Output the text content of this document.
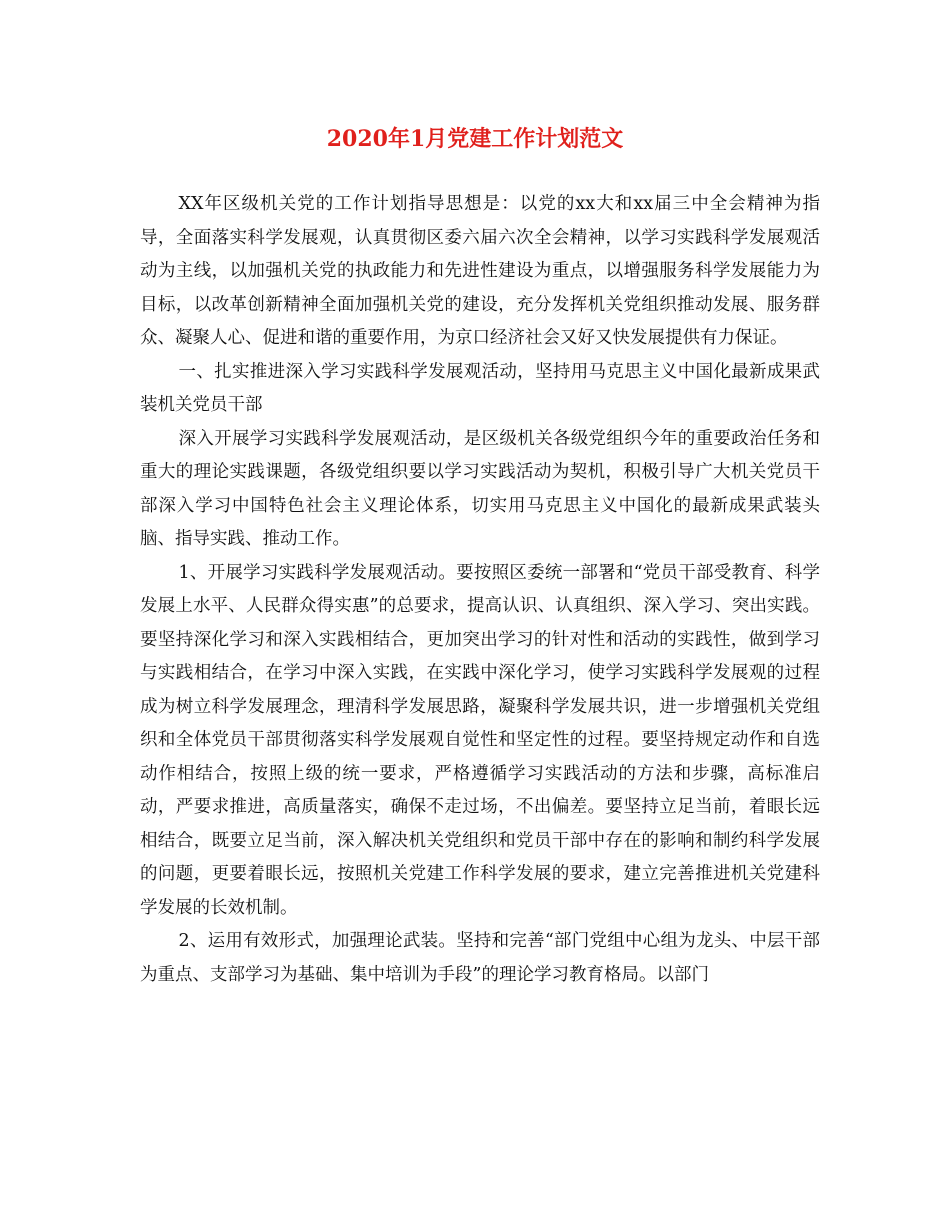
2020年1月党建工作计划范文

XX年区级机关党的工作计划指导思想是：以党的xx大和xx届三中全会精神为指导，全面落实科学发展观，认真贯彻区委六届六次全会精神，以学习实践科学发展观活动为主线，以加强机关党的执政能力和先进性建设为重点，以增强服务科学发展能力为目标，以改革创新精神全面加强机关党的建设，充分发挥机关党组织推动发展、服务群众、凝聚人心、促进和谐的重要作用，为京口经济社会又好又快发展提供有力保证。

一、扎实推进深入学习实践科学发展观活动，坚持用马克思主义中国化最新成果武装机关党员干部

深入开展学习实践科学发展观活动，是区级机关各级党组织今年的重要政治任务和重大的理论实践课题，各级党组织要以学习实践活动为契机，积极引导广大机关党员干部深入学习中国特色社会主义理论体系，切实用马克思主义中国化的最新成果武装头脑、指导实践、推动工作。

1、开展学习实践科学发展观活动。要按照区委统一部署和“党员干部受教育、科学发展上水平、人民群众得实惠”的总要求，提高认识、认真组织、深入学习、突出实践。要坚持深化学习和深入实践相结合，更加突出学习的针对性和活动的实践性，做到学习与实践相结合，在学习中深入实践，在实践中深化学习，使学习实践科学发展观的过程成为树立科学发展理念，理清科学发展思路，凝聚科学发展共识，进一步增强机关党组织和全体党员干部贯彻落实科学发展观自觉性和坚定性的过程。要坚持规定动作和自选动作相结合，按照上级的统一要求，严格遵循学习实践活动的方法和步骤，高标准启动，严要求推进，高质量落实，确保不走过场，不出偏差。要坚持立足当前，着眼长远相结合，既要立足当前，深入解决机关党组织和党员干部中存在的影响和制约科学发展的问题，更要着眼长远，按照机关党建工作科学发展的要求，建立完善推进机关党建科学发展的长效机制。

2、运用有效形式，加强理论武装。坚持和完善“部门党组中心组为龙头、中层干部为重点、支部学习为基础、集中培训为手段”的理论学习教育格局。以部门
